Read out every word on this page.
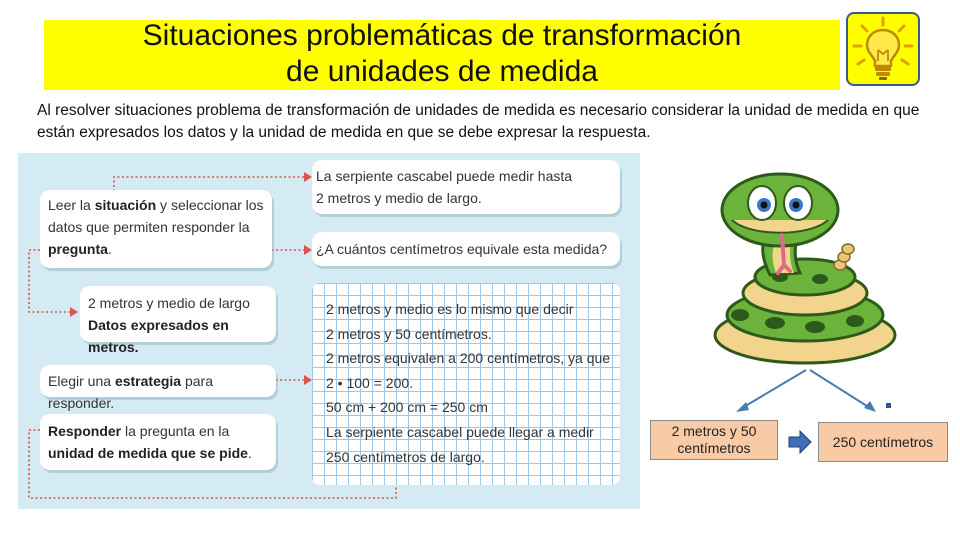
Situaciones problemáticas de transformación
de unidades de medida
Al resolver situaciones problema de transformación de unidades de medida es necesario considerar la unidad de medida en que están expresados los datos y la unidad de medida en que se debe expresar la respuesta.
Leer la situación y seleccionar los datos que permiten responder la pregunta.
2 metros y medio de largo
Datos expresados en metros.
Elegir una estrategia para responder.
Responder la pregunta en la unidad de medida que se pide.
La serpiente cascabel puede medir hasta
2 metros y medio de largo.
¿A cuántos centímetros equivale esta medida?
2 metros y medio es lo mismo que decir
2 metros y 50 centímetros.
2 metros equivalen a 200 centímetros, ya que
2 • 100 = 200.
50 cm + 200 cm = 250 cm
La serpiente cascabel puede llegar a medir
250 centímetros de largo.
2 metros y 50 centímetros	250 centímetros
